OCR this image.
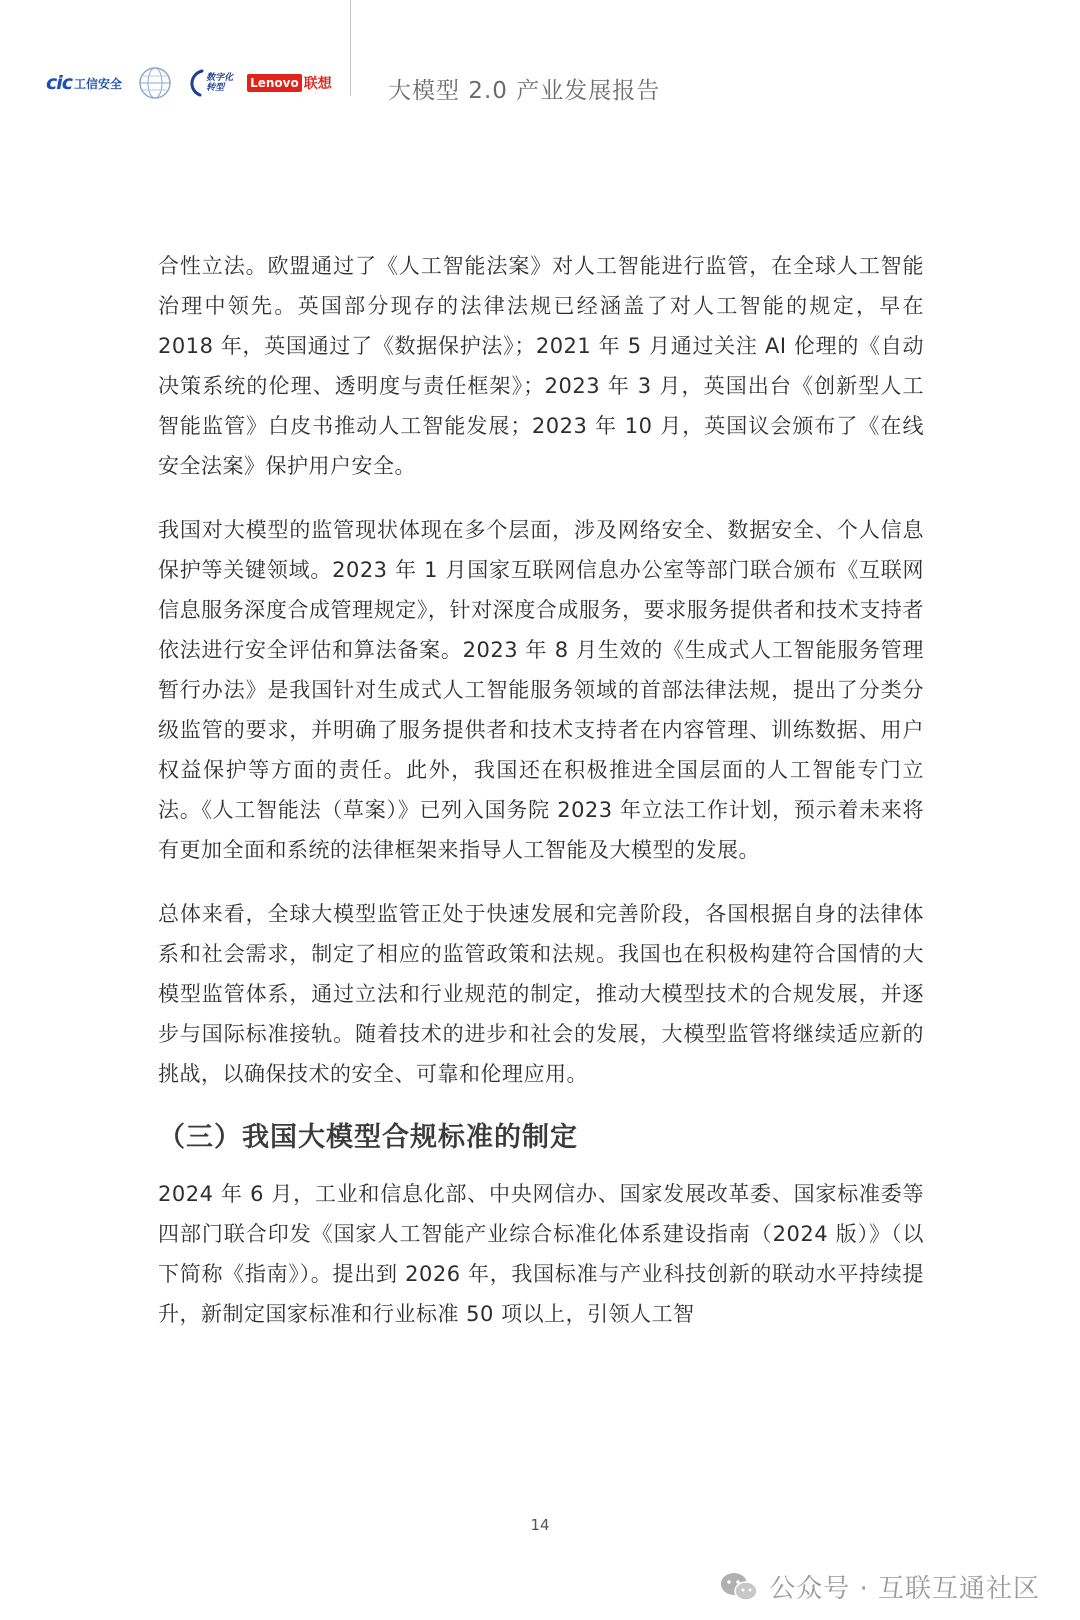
cic 工信安全	数字化
转型	Lenovo 联想 大模型 2.0 产业发展报告

合性立法。欧盟通过了《人工智能法案》对人工智能进行监管，在全球人工智能治理中领先。英国部分现存的法律法规已经涵盖了对人工智能的规定，早在 2018 年，英国通过了《数据保护法》；2021 年 5 月通过关注 AI 伦理的《自动决策系统的伦理、透明度与责任框架》；2023 年 3 月，英国出台《创新型人工智能监管》白皮书推动人工智能发展；2023 年 10 月，英国议会颁布了《在线安全法案》保护用户安全。

我国对大模型的监管现状体现在多个层面，涉及网络安全、数据安全、个人信息保护等关键领域。2023 年 1 月国家互联网信息办公室等部门联合颁布《互联网信息服务深度合成管理规定》，针对深度合成服务，要求服务提供者和技术支持者依法进行安全评估和算法备案。2023 年 8 月生效的《生成式人工智能服务管理暂行办法》是我国针对生成式人工智能服务领域的首部法律法规，提出了分类分级监管的要求，并明确了服务提供者和技术支持者在内容管理、训练数据、用户权益保护等方面的责任。此外，我国还在积极推进全国层面的人工智能专门立法。《人工智能法（草案）》已列入国务院 2023 年立法工作计划，预示着未来将有更加全面和系统的法律框架来指导人工智能及大模型的发展。

总体来看，全球大模型监管正处于快速发展和完善阶段，各国根据自身的法律体系和社会需求，制定了相应的监管政策和法规。我国也在积极构建符合国情的大模型监管体系，通过立法和行业规范的制定，推动大模型技术的合规发展，并逐步与国际标准接轨。随着技术的进步和社会的发展，大模型监管将继续适应新的挑战，以确保技术的安全、可靠和伦理应用。

（三）我国大模型合规标准的制定

2024 年 6 月，工业和信息化部、中央网信办、国家发展改革委、国家标准委等四部门联合印发《国家人工智能产业综合标准化体系建设指南（2024 版）》（以下简称《指南》）。提出到 2026 年，我国标准与产业科技创新的联动水平持续提升，新制定国家标准和行业标准 50 项以上，引领人工智

14
公众号 · 互联互通社区
